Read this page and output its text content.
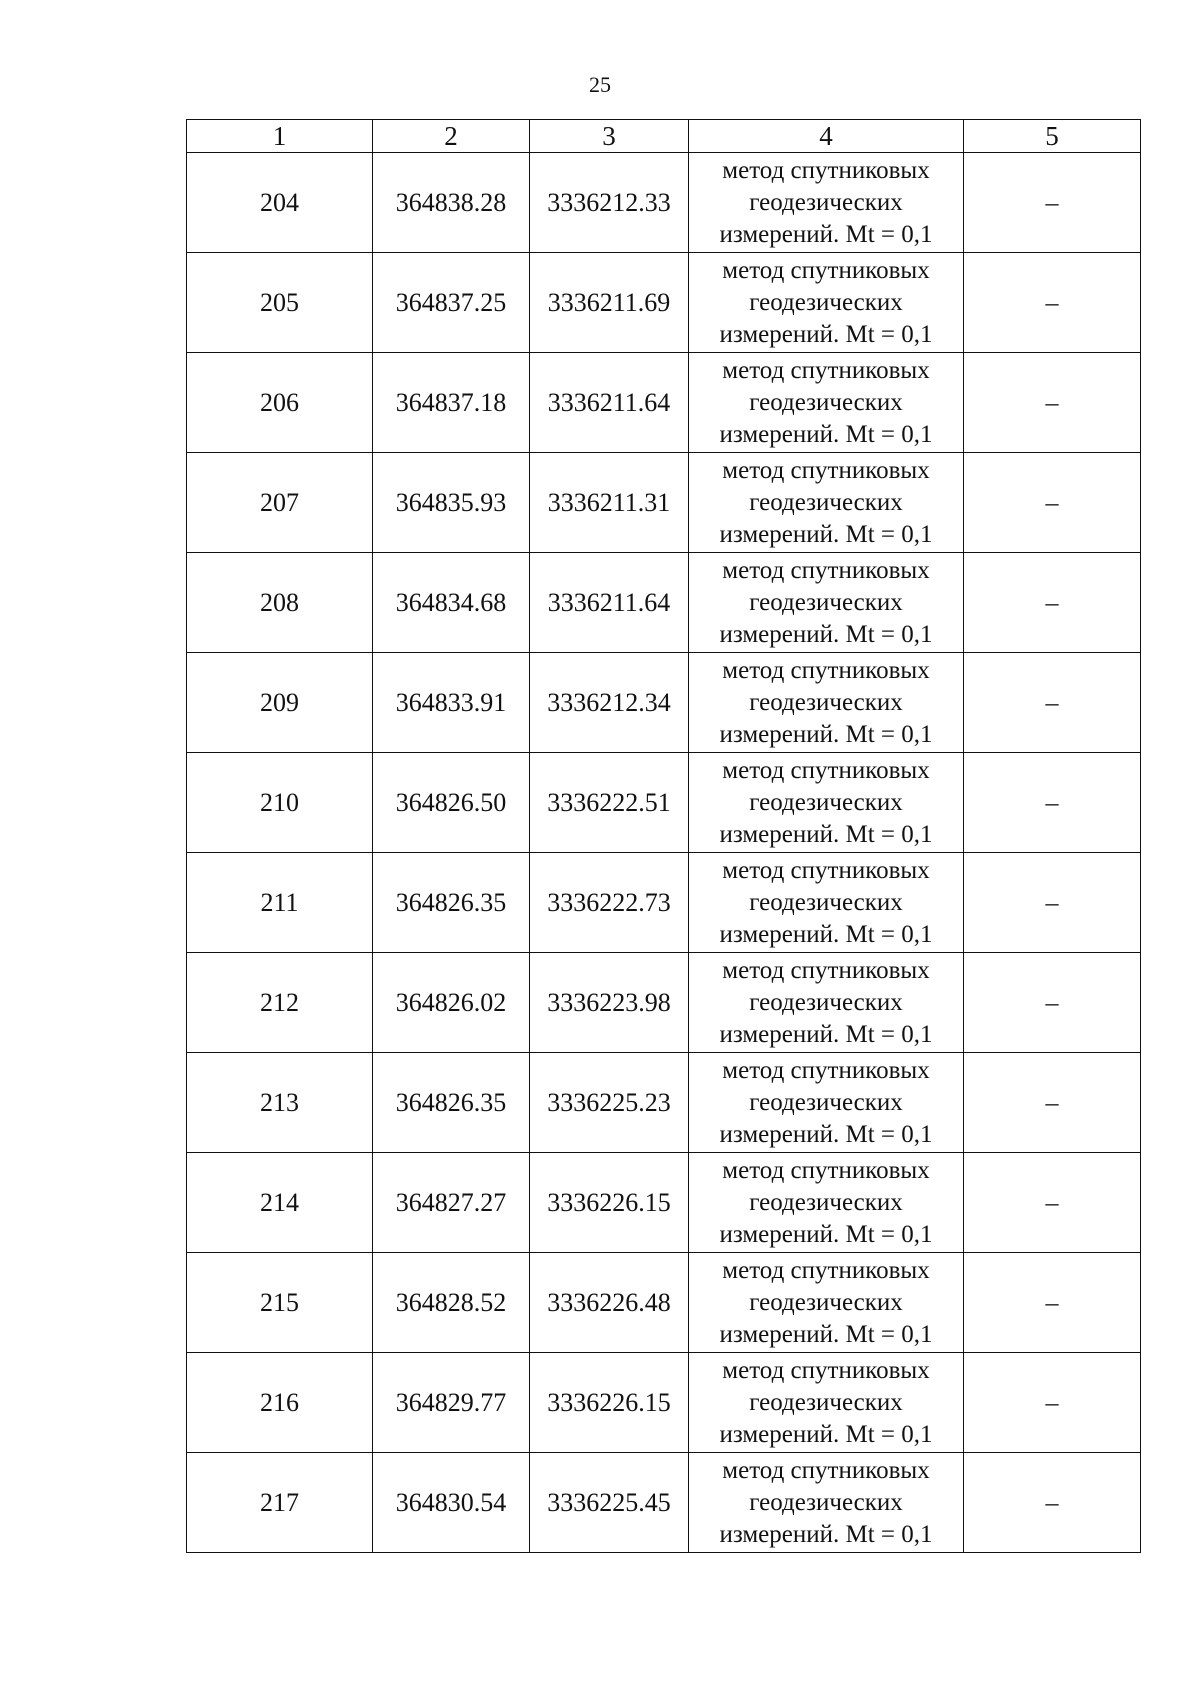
25
1	2	3	4	5
204	364838.28	3336212.33	метод спутниковых
геодезических
измерений. Mt = 0,1	–
205	364837.25	3336211.69	метод спутниковых
геодезических
измерений. Mt = 0,1	–
206	364837.18	3336211.64	метод спутниковых
геодезических
измерений. Mt = 0,1	–
207	364835.93	3336211.31	метод спутниковых
геодезических
измерений. Mt = 0,1	–
208	364834.68	3336211.64	метод спутниковых
геодезических
измерений. Mt = 0,1	–
209	364833.91	3336212.34	метод спутниковых
геодезических
измерений. Mt = 0,1	–
210	364826.50	3336222.51	метод спутниковых
геодезических
измерений. Mt = 0,1	–
211	364826.35	3336222.73	метод спутниковых
геодезических
измерений. Mt = 0,1	–
212	364826.02	3336223.98	метод спутниковых
геодезических
измерений. Mt = 0,1	–
213	364826.35	3336225.23	метод спутниковых
геодезических
измерений. Mt = 0,1	–
214	364827.27	3336226.15	метод спутниковых
геодезических
измерений. Mt = 0,1	–
215	364828.52	3336226.48	метод спутниковых
геодезических
измерений. Mt = 0,1	–
216	364829.77	3336226.15	метод спутниковых
геодезических
измерений. Mt = 0,1	–
217	364830.54	3336225.45	метод спутниковых
геодезических
измерений. Mt = 0,1	–
